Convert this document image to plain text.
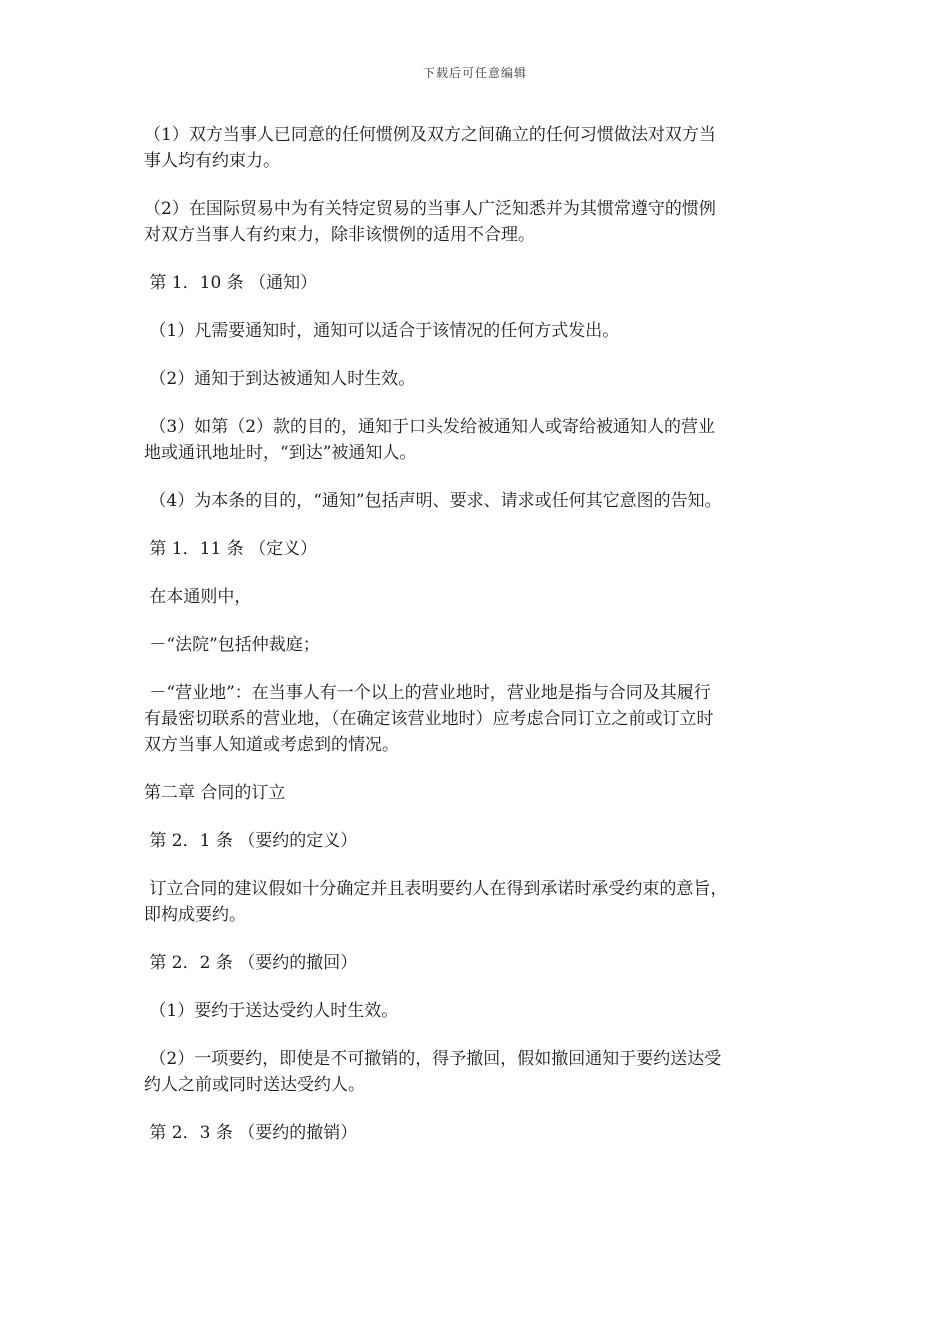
下载后可任意编辑
（1）双方当事人已同意的任何惯例及双方之间确立的任何习惯做法对双方当
事人均有约束力。
（2）在国际贸易中为有关特定贸易的当事人广泛知悉并为其惯常遵守的惯例
对双方当事人有约束力，除非该惯例的适用不合理。
第 1．10 条 （通知）
（1）凡需要通知时，通知可以适合于该情况的任何方式发出。
（2）通知于到达被通知人时生效。
（3）如第（2）款的目的，通知于口头发给被通知人或寄给被通知人的营业
地或通讯地址时，“到达”被通知人。
（4）为本条的目的，“通知”包括声明、要求、请求或任何其它意图的告知。
第 1．11 条 （定义）
在本通则中，
－“法院”包括仲裁庭；
－“营业地”：在当事人有一个以上的营业地时，营业地是指与合同及其履行
有最密切联系的营业地，（在确定该营业地时）应考虑合同订立之前或订立时
双方当事人知道或考虑到的情况。
第二章 合同的订立
第 2．1 条 （要约的定义）
订立合同的建议假如十分确定并且表明要约人在得到承诺时承受约束的意旨，
即构成要约。
第 2．2 条 （要约的撤回）
（1）要约于送达受约人时生效。
（2）一项要约，即使是不可撤销的，得予撤回，假如撤回通知于要约送达受
约人之前或同时送达受约人。
第 2．3 条 （要约的撤销）
